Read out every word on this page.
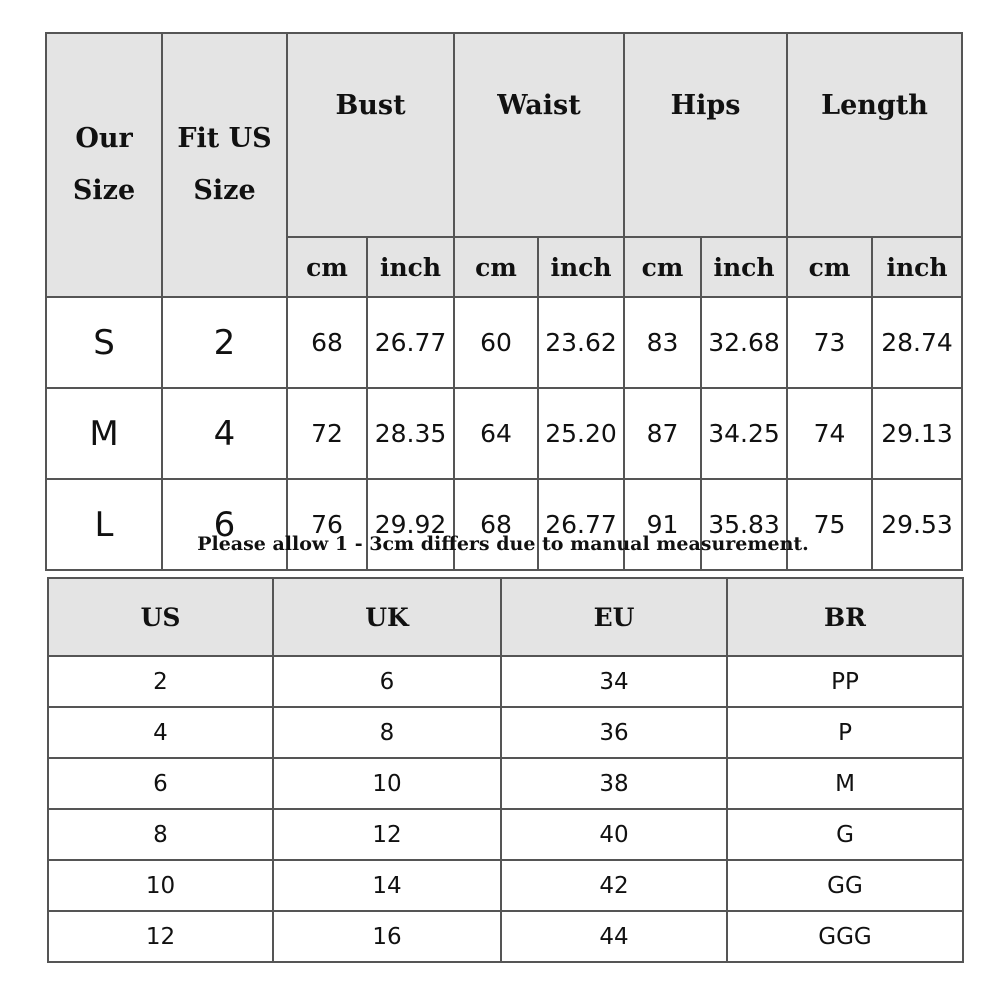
Our Size	Fit US Size	Bust		Waist		Hips		Length	
		cm	inch	cm	inch	cm	inch	cm	inch
S	2	68	26.77	60	23.62	83	32.68	73	28.74
M	4	72	28.35	64	25.20	87	34.25	74	29.13
L	6	76	29.92	68	26.77	91	35.83	75	29.53

Please allow 1 - 3cm differs due to manual measurement.

US	UK	EU	BR
2	6	34	PP
4	8	36	P
6	10	38	M
8	12	40	G
10	14	42	GG
12	16	44	GGG
